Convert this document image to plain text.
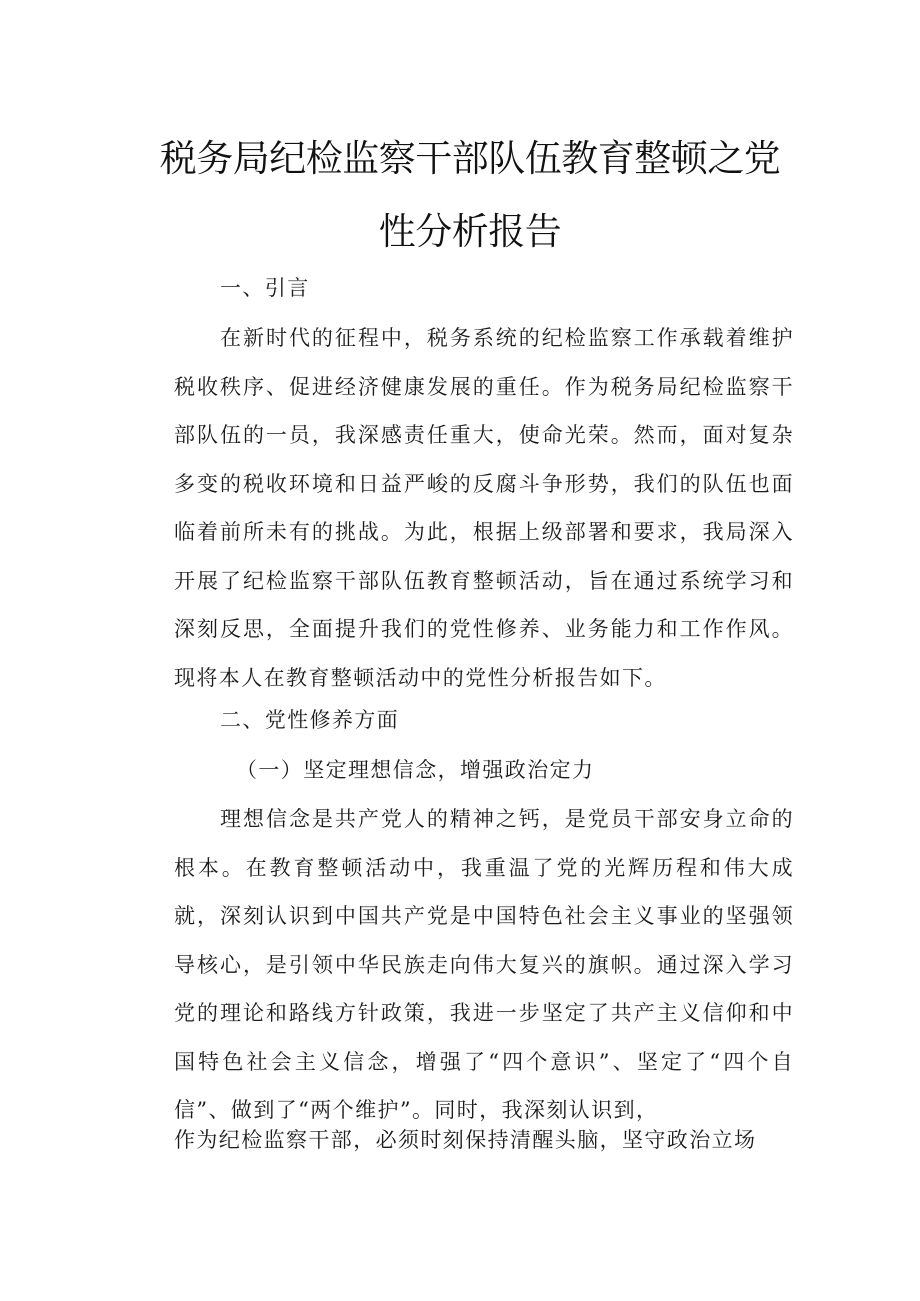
税务局纪检监察干部队伍教育整顿之党
性分析报告
一、引言

在新时代的征程中，税务系统的纪检监察工作承载着维护税收秩序、促进经济健康发展的重任。作为税务局纪检监察干部队伍的一员，我深感责任重大，使命光荣。然而，面对复杂多变的税收环境和日益严峻的反腐斗争形势，我们的队伍也面临着前所未有的挑战。为此，根据上级部署和要求，我局深入开展了纪检监察干部队伍教育整顿活动，旨在通过系统学习和深刻反思，全面提升我们的党性修养、业务能力和工作作风。现将本人在教育整顿活动中的党性分析报告如下。

二、党性修养方面
（一）坚定理想信念，增强政治定力

理想信念是共产党人的精神之钙，是党员干部安身立命的根本。在教育整顿活动中，我重温了党的光辉历程和伟大成就，深刻认识到中国共产党是中国特色社会主义事业的坚强领导核心，是引领中华民族走向伟大复兴的旗帜。通过深入学习党的理论和路线方针政策，我进一步坚定了共产主义信仰和中国特色社会主义信念，增强了“四个意识”、坚定了“四个自信”、做到了“两个维护”。同时，我深刻认识到，

作为纪检监察干部，必须时刻保持清醒头脑，坚守政治立场
